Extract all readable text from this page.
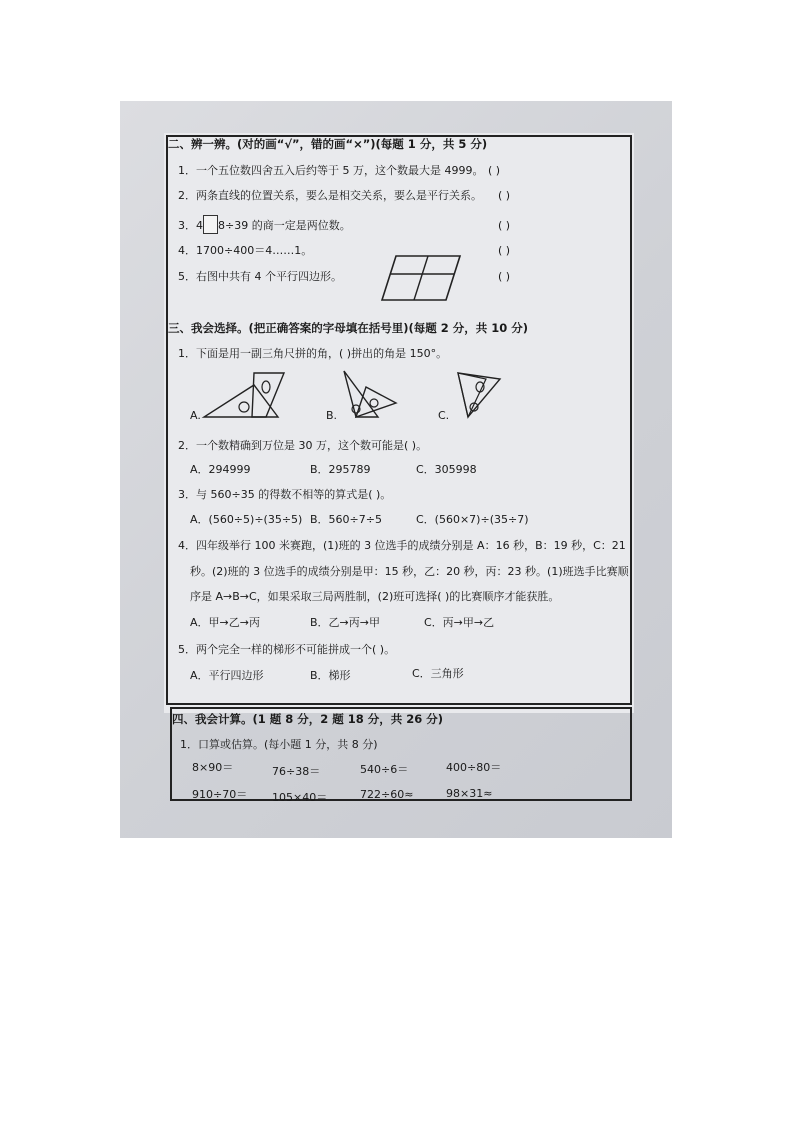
二、辨一辨。(对的画“√”，错的画“×”)(每题 1 分，共 5 分)
1．一个五位数四舍五入后约等于 5 万，这个数最大是 4999。 ( )
2．两条直线的位置关系，要么是相交关系，要么是平行关系。 ( )
3．4 8÷39 的商一定是两位数。	( )
4．1700÷400＝4……1。	( )
5．右图中共有 4 个平行四边形。	( )
三、我会选择。(把正确答案的字母填在括号里)(每题 2 分，共 10 分)
1．下面是用一副三角尺拼的角，( )拼出的角是 150°。
A.	B.	C.
2．一个数精确到万位是 30 万，这个数可能是( )。
A．294999	B．295789	C．305998
3．与 560÷35 的得数不相等的算式是( )。
A．(560÷5)÷(35÷5) B．560÷7÷5	C．(560×7)÷(35÷7)
4．四年级举行 100 米赛跑，(1)班的 3 位选手的成绩分别是 A：16 秒，B：19 秒，C：21
秒。(2)班的 3 位选手的成绩分别是甲：15 秒，乙：20 秒，丙：23 秒。(1)班选手比赛顺
序是 A→B→C，如果采取三局两胜制，(2)班可选择( )的比赛顺序才能获胜。
A．甲→乙→丙	B．乙→丙→甲	C．丙→甲→乙
5．两个完全一样的梯形不可能拼成一个( )。
A．平行四边形	B．梯形	C．三角形
四、我会计算。(1 题 8 分，2 题 18 分，共 26 分)
1．口算或估算。(每小题 1 分，共 8 分)
8×90＝	76÷38＝	540÷6＝	400÷80＝
910÷70＝ 105×40＝	722÷60≈	98×31≈
